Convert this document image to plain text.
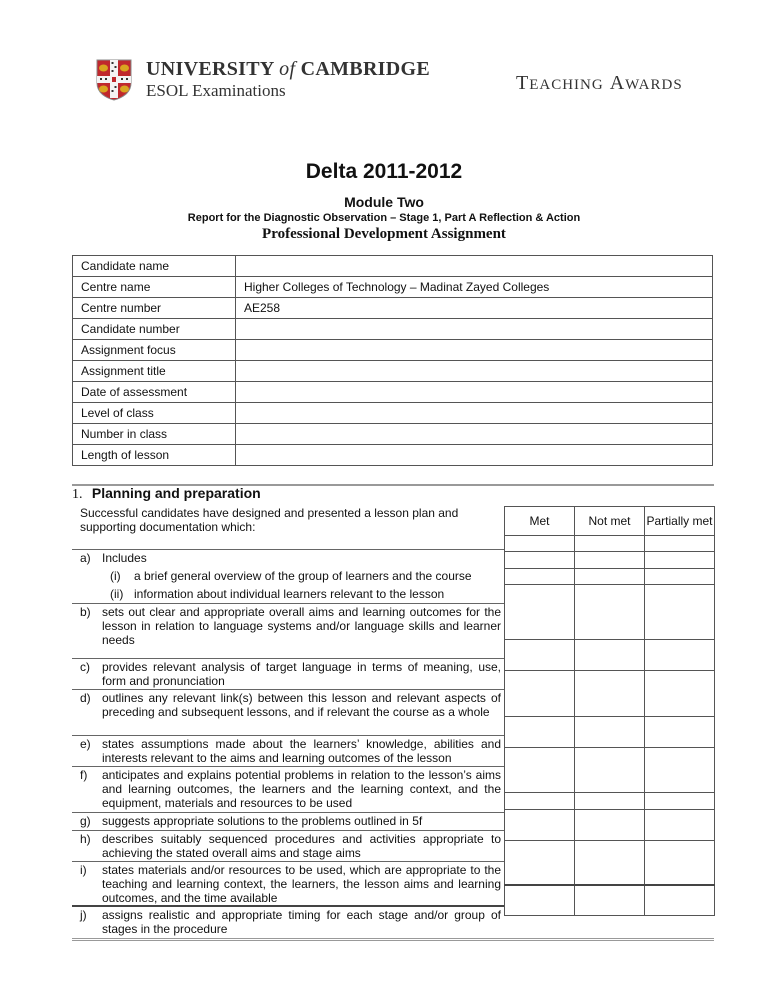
UNIVERSITY of CAMBRIDGE
ESOL Examinations	TEACHING AWARDS
Delta 2011-2012
Module Two
Report for the Diagnostic Observation – Stage 1, Part A Reflection & Action
Professional Development Assignment
Candidate name	
Centre name	Higher Colleges of Technology – Madinat Zayed Colleges
Centre number	AE258
Candidate number	
Assignment focus	
Assignment title	
Date of assessment	
Level of class	
Number in class	
Length of lesson	
1. Planning and preparation
Successful candidates have designed and presented a lesson plan and supporting documentation which:
a) Includes
(i)	a brief general overview of the group of learners and the course
(ii) information about individual learners relevant to the lesson
b) sets out clear and appropriate overall aims and learning outcomes for the lesson in relation to language systems and/or language skills and learner needs
c)	provides relevant analysis of target language in terms of meaning, use, form and pronunciation
d) outlines any relevant link(s) between this lesson and relevant aspects of preceding and subsequent lessons, and if relevant the course as a whole
e) states assumptions made about the learners’ knowledge, abilities and interests relevant to the aims and learning outcomes of the lesson
f)	anticipates and explains potential problems in relation to the lesson’s aims and learning outcomes, the learners and the learning context, and the equipment, materials and resources to be used
g) suggests appropriate solutions to the problems outlined in 5f
h) describes suitably sequenced procedures and activities appropriate to achieving the stated overall aims and stage aims
i)	states materials and/or resources to be used, which are appropriate to the teaching and learning context, the learners, the lesson aims and learning outcomes, and the time available
j)	assigns realistic and appropriate timing for each stage and/or group of stages in the procedure
Met	Not met	Partially met
